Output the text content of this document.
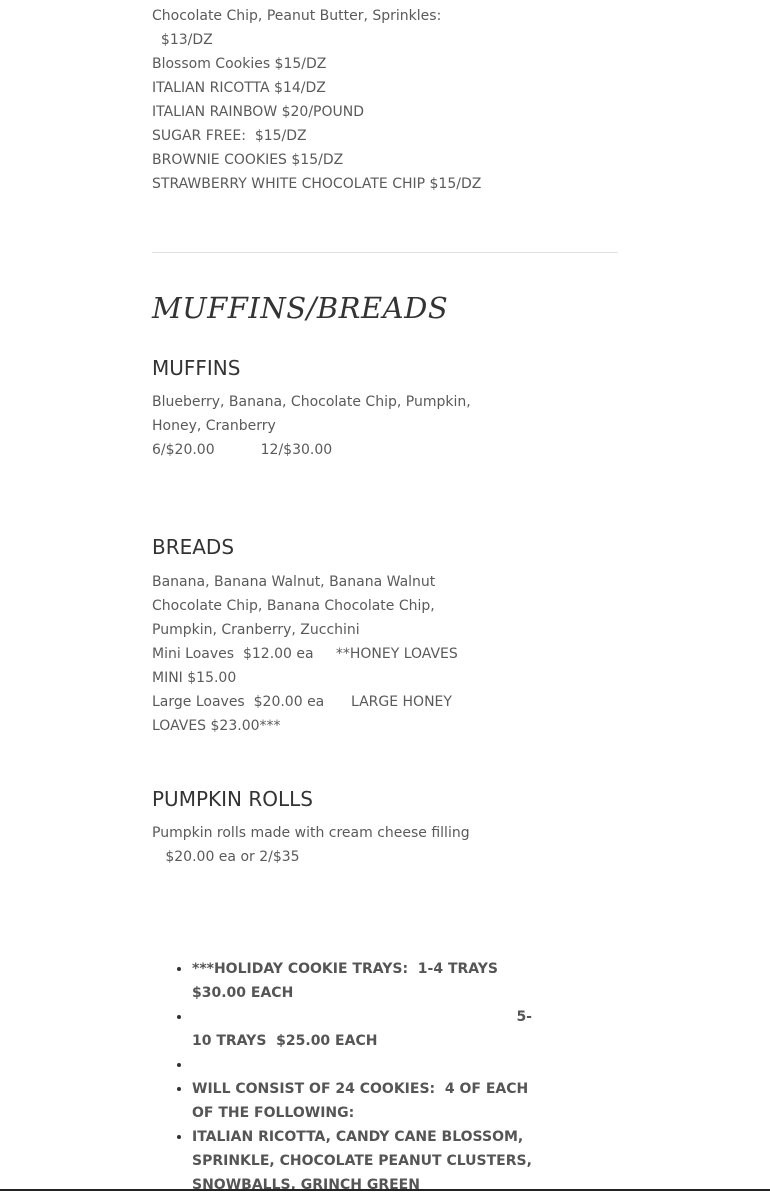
Chocolate Chip, Peanut Butter, Sprinkles:

$13/DZ

Blossom Cookies $15/DZ

ITALIAN RICOTTA $14/DZ

ITALIAN RAINBOW $20/POUND

SUGAR FREE:  $15/DZ

BROWNIE COOKIES $15/DZ

STRAWBERRY WHITE CHOCOLATE CHIP $15/DZ

MUFFINS/BREADS
MUFFINS

Blueberry, Banana, Chocolate Chip, Pumpkin, Honey, Cranberry

6/$20.00	12/$30.00

BREADS

Banana, Banana Walnut, Banana Walnut Chocolate Chip, Banana Chocolate Chip, Pumpkin, Cranberry, Zucchini

Mini Loaves  $12.00 ea     **HONEY LOAVES MINI $15.00

Large Loaves  $20.00 ea      LARGE HONEY LOAVES $23.00***

PUMPKIN ROLLS

Pumpkin rolls made with cream cheese filling

$20.00 ea or 2/$35

• ***HOLIDAY COOKIE TRAYS:  1-4 TRAYS   $30.00 EACH
• 5-
10 TRAYS  $25.00 EACH
•
• WILL CONSIST OF 24 COOKIES:  4 OF EACH OF THE FOLLOWING:
• ITALIAN RICOTTA, CANDY CANE BLOSSOM, SPRINKLE, CHOCOLATE PEANUT CLUSTERS, SNOWBALLS, GRINCH GREEN
